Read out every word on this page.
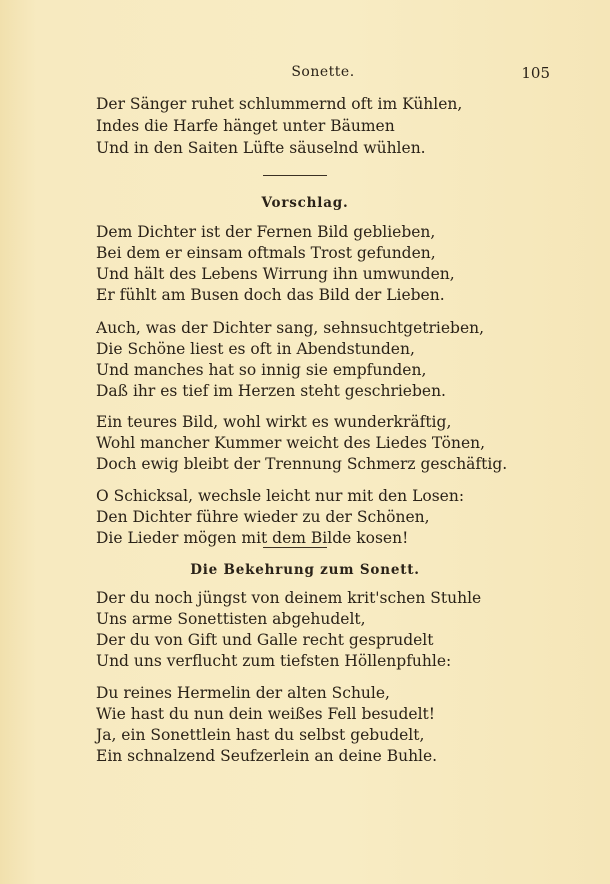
Sonette.	105
Der Sänger ruhet schlummernd oft im Kühlen,
Indes die Harfe hänget unter Bäumen
Und in den Saiten Lüfte säuselnd wühlen.
Vorschlag.
Dem Dichter ist der Fernen Bild geblieben,
Bei dem er einsam oftmals Trost gefunden,
Und hält des Lebens Wirrung ihn umwunden,
Er fühlt am Busen doch das Bild der Lieben.
Auch, was der Dichter sang, sehnsuchtgetrieben,
Die Schöne liest es oft in Abendstunden,
Und manches hat so innig sie empfunden,
Daß ihr es tief im Herzen steht geschrieben.
Ein teures Bild, wohl wirkt es wunderkräftig,
Wohl mancher Kummer weicht des Liedes Tönen,
Doch ewig bleibt der Trennung Schmerz geschäftig.
O Schicksal, wechsle leicht nur mit den Losen:
Den Dichter führe wieder zu der Schönen,
Die Lieder mögen mit dem Bilde kosen!
Die Bekehrung zum Sonett.
Der du noch jüngst von deinem krit'schen Stuhle
Uns arme Sonettisten abgehudelt,
Der du von Gift und Galle recht gesprudelt
Und uns verflucht zum tiefsten Höllenpfuhle:
Du reines Hermelin der alten Schule,
Wie hast du nun dein weißes Fell besudelt!
Ja, ein Sonettlein hast du selbst gebudelt,
Ein schnalzend Seufzerlein an deine Buhle.
